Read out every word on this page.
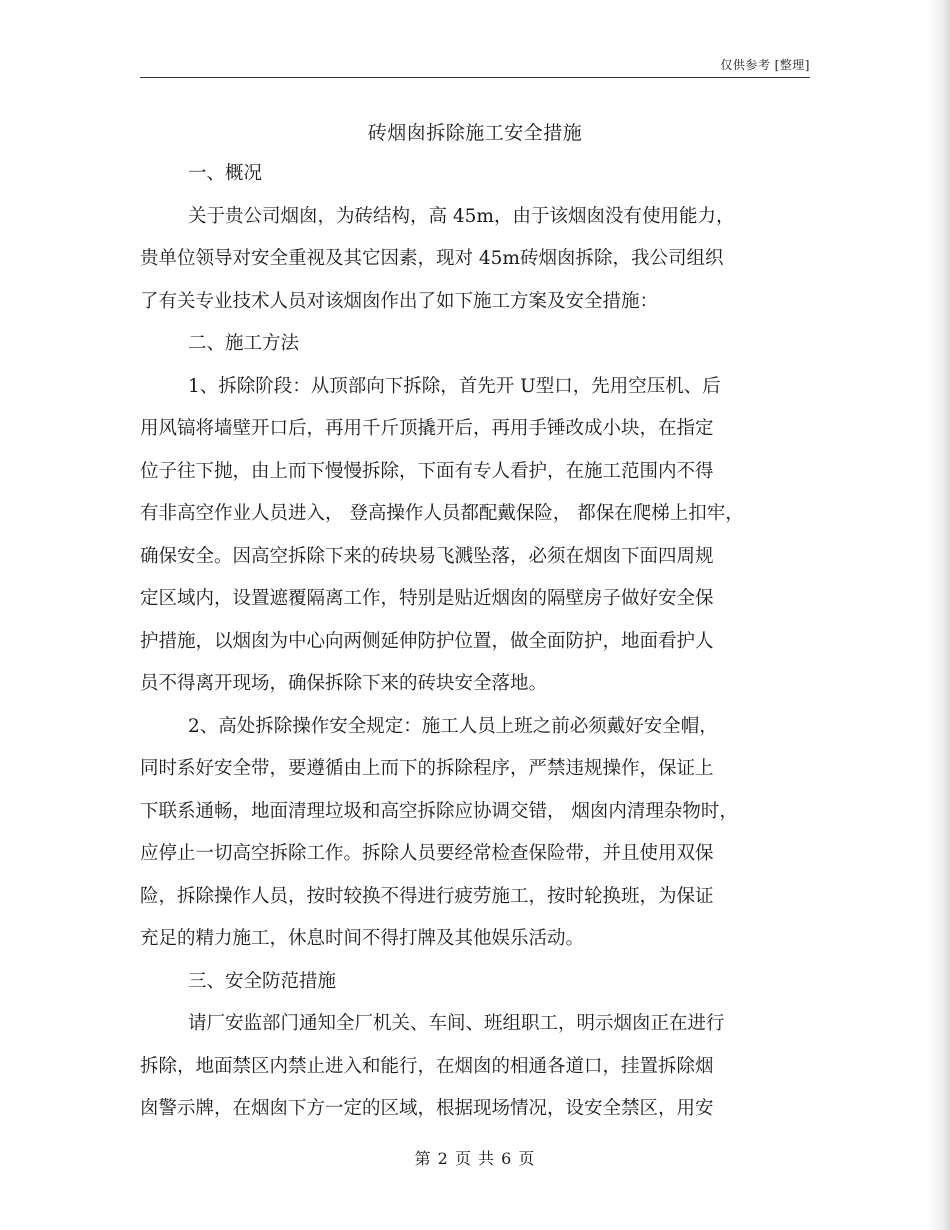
仅供参考 [整理]
砖烟囱拆除施工安全措施
一、概况
关于贵公司烟囱，为砖结构，高 45m，由于该烟囱没有使用能力，
贵单位领导对安全重视及其它因素，现对 45m砖烟囱拆除，我公司组织
了有关专业技术人员对该烟囱作出了如下施工方案及安全措施：
二、施工方法
1、拆除阶段：从顶部向下拆除，首先开 U型口，先用空压机、后
用风镐将墙壁开口后，再用千斤顶撬开后，再用手锤改成小块，在指定
位子往下抛，由上而下慢慢拆除，下面有专人看护，在施工范围内不得
有非高空作业人员进入， 登高操作人员都配戴保险， 都保在爬梯上扣牢，
确保安全。因高空拆除下来的砖块易飞溅坠落，必须在烟囱下面四周规
定区域内，设置遮覆隔离工作，特别是贴近烟囱的隔壁房子做好安全保
护措施，以烟囱为中心向两侧延伸防护位置，做全面防护，地面看护人
员不得离开现场，确保拆除下来的砖块安全落地。
2、高处拆除操作安全规定：施工人员上班之前必须戴好安全帽，
同时系好安全带，要遵循由上而下的拆除程序，严禁违规操作，保证上
下联系通畅，地面清理垃圾和高空拆除应协调交错， 烟囱内清理杂物时，
应停止一切高空拆除工作。拆除人员要经常检查保险带，并且使用双保
险，拆除操作人员，按时较换不得进行疲劳施工，按时轮换班，为保证
充足的精力施工，休息时间不得打牌及其他娱乐活动。
三、安全防范措施
请厂安监部门通知全厂机关、车间、班组职工，明示烟囱正在进行
拆除，地面禁区内禁止进入和能行，在烟囱的相通各道口，挂置拆除烟
囱警示牌，在烟囱下方一定的区域，根据现场情况，设安全禁区，用安
第 2 页 共 6 页
